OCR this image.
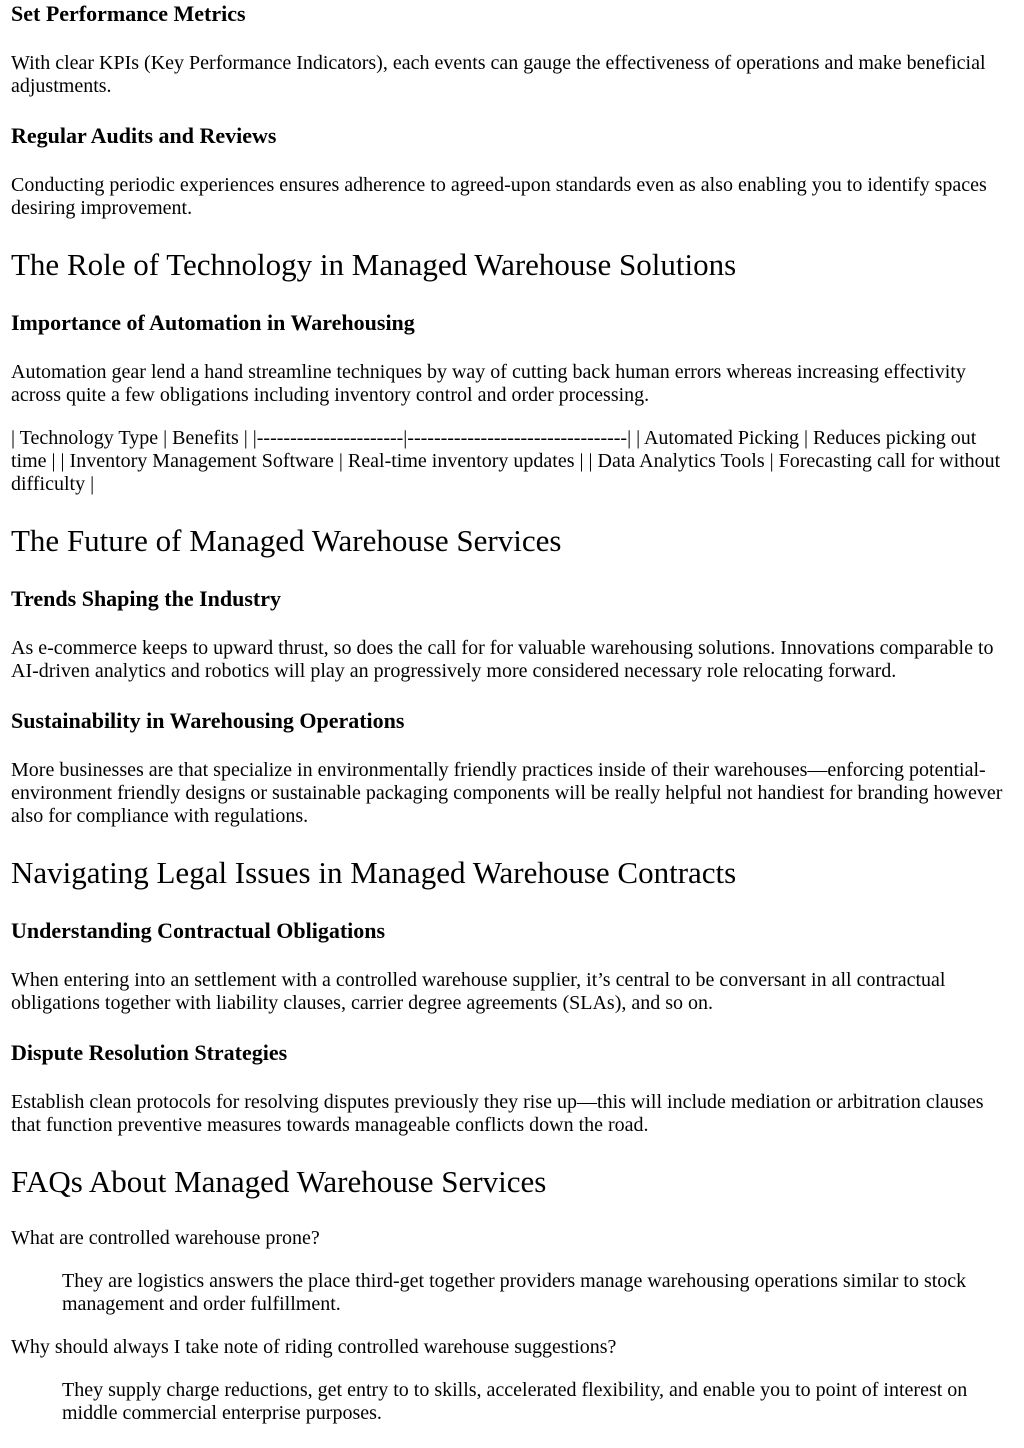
Set Performance Metrics

With clear KPIs (Key Performance Indicators), each events can gauge the effectiveness of operations and make beneficial adjustments.

Regular Audits and Reviews

Conducting periodic experiences ensures adherence to agreed-upon standards even as also enabling you to identify spaces desiring improvement.

The Role of Technology in Managed Warehouse Solutions
Importance of Automation in Warehousing

Automation gear lend a hand streamline techniques by way of cutting back human errors whereas increasing effectivity across quite a few obligations including inventory control and order processing.

| Technology Type | Benefits | |----------------------|---------------------------------| | Automated Picking | Reduces picking out time | | Inventory Management Software | Real-time inventory updates | | Data Analytics Tools | Forecasting call for without difficulty |

The Future of Managed Warehouse Services
Trends Shaping the Industry

As e-commerce keeps to upward thrust, so does the call for for valuable warehousing solutions. Innovations comparable to AI-driven analytics and robotics will play an progressively more considered necessary role relocating forward.

Sustainability in Warehousing Operations

More businesses are that specialize in environmentally friendly practices inside of their warehouses—enforcing potential-environment friendly designs or sustainable packaging components will be really helpful not handiest for branding however also for compliance with regulations.

Navigating Legal Issues in Managed Warehouse Contracts
Understanding Contractual Obligations

When entering into an settlement with a controlled warehouse supplier, it’s central to be conversant in all contractual obligations together with liability clauses, carrier degree agreements (SLAs), and so on.

Dispute Resolution Strategies

Establish clean protocols for resolving disputes previously they rise up—this will include mediation or arbitration clauses that function preventive measures towards manageable conflicts down the road.

FAQs About Managed Warehouse Services

What are controlled warehouse prone?

They are logistics answers the place third-get together providers manage warehousing operations similar to stock management and order fulfillment.

Why should always I take note of riding controlled warehouse suggestions?

They supply charge reductions, get entry to to skills, accelerated flexibility, and enable you to point of interest on middle commercial enterprise purposes.
